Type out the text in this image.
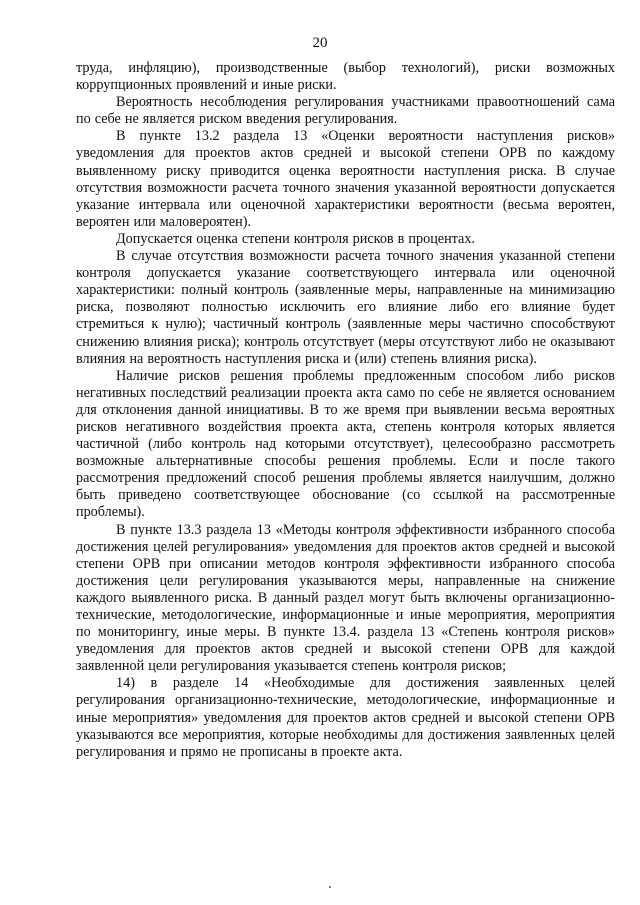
20

труда, инфляцию), производственные (выбор технологий), риски возможных коррупционных проявлений и иные риски.

Вероятность несоблюдения регулирования участниками правоотношений сама по себе не является риском введения регулирования.

В пункте 13.2 раздела 13 «Оценки вероятности наступления рисков» уведомления для проектов актов средней и высокой степени ОРВ по каждому выявленному риску приводится оценка вероятности наступления риска. В случае отсутствия возможности расчета точного значения указанной вероятности допускается указание интервала или оценочной характеристики вероятности (весьма вероятен, вероятен или маловероятен).

Допускается оценка степени контроля рисков в процентах.

В случае отсутствия возможности расчета точного значения указанной степени контроля допускается указание соответствующего интервала или оценочной характеристики: полный контроль (заявленные меры, направленные на минимизацию риска, позволяют полностью исключить его влияние либо его влияние будет стремиться к нулю); частичный контроль (заявленные меры частично способствуют снижению влияния риска); контроль отсутствует (меры отсутствуют либо не оказывают влияния на вероятность наступления риска и (или) степень влияния риска).

Наличие рисков решения проблемы предложенным способом либо рисков негативных последствий реализации проекта акта само по себе не является основанием для отклонения данной инициативы. В то же время при выявлении весьма вероятных рисков негативного воздействия проекта акта, степень контроля которых является частичной (либо контроль над которыми отсутствует), целесообразно рассмотреть возможные альтернативные способы решения проблемы. Если и после такого рассмотрения предложений способ решения проблемы является наилучшим, должно быть приведено соответствующее обоснование (со ссылкой на рассмотренные проблемы).

В пункте 13.3 раздела 13 «Методы контроля эффективности избранного способа достижения целей регулирования» уведомления для проектов актов средней и высокой степени ОРВ при описании методов контроля эффективности избранного способа достижения цели регулирования указываются меры, направленные на снижение каждого выявленного риска. В данный раздел могут быть включены организационно-технические, методологические, информационные и иные мероприятия, мероприятия по мониторингу, иные меры. В пункте 13.4. раздела 13 «Степень контроля рисков» уведомления для проектов актов средней и высокой степени ОРВ для каждой заявленной цели регулирования указывается степень контроля рисков;

14) в разделе 14 «Необходимые для достижения заявленных целей регулирования организационно-технические, методологические, информационные и иные мероприятия» уведомления для проектов актов средней и высокой степени ОРВ указываются все мероприятия, которые необходимы для достижения заявленных целей регулирования и прямо не прописаны в проекте акта.
